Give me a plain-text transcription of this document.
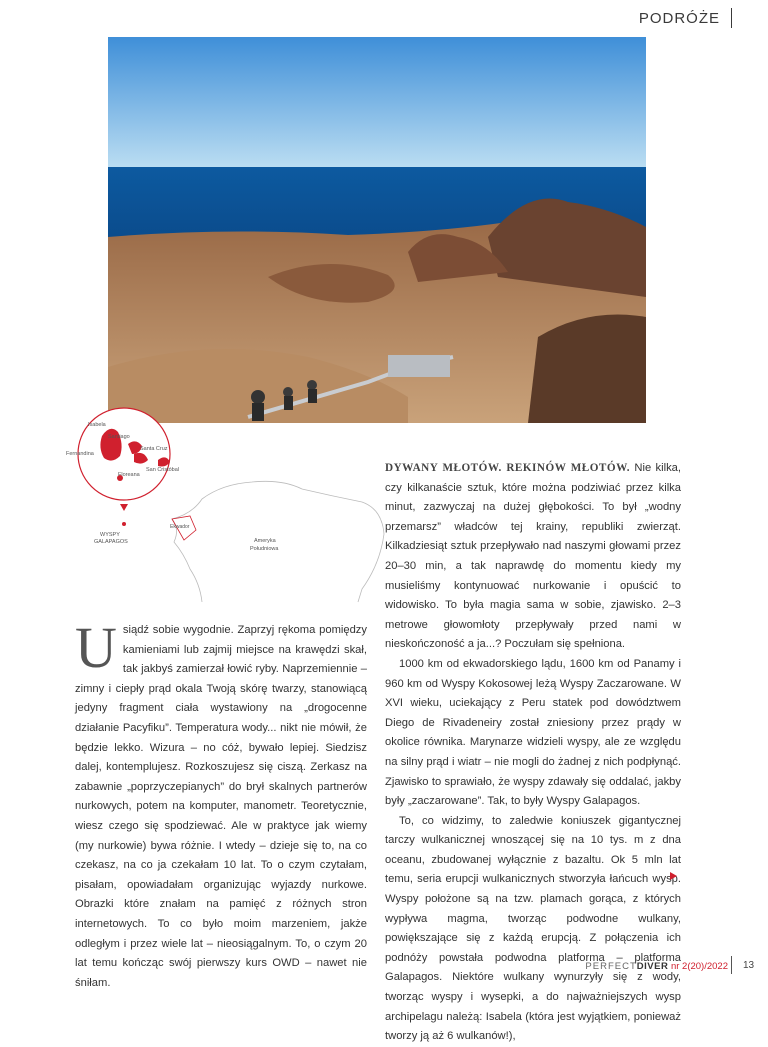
PODRÓŻE
Isabela
Santiago
Fernandina
Santa Cruz
San Cristóbal
Floreana
WYSPY
GALAPAGOS
Ekwador
Ameryka
Południowa
U siądź sobie wygodnie. Zaprzyj rękoma pomiędzy kamieniami lub zajmij miejsce na krawędzi skał, tak jakbyś zamierzał łowić ryby. Naprzemiennie – zimny i ciepły prąd okala Twoją skórę twarzy, stanowiącą jedyny fragment ciała wystawiony na „drogocenne działanie Pacyfiku”. Temperatura wody... nikt nie mówił, że będzie lekko. Wizura – no cóż, bywało lepiej. Siedzisz dalej, kontemplujesz. Rozkoszujesz się ciszą. Zerkasz na zabawnie „poprzyczepianych” do brył skalnych partnerów nurkowych, potem na komputer, manometr. Teoretycznie, wiesz czego się spodziewać. Ale w praktyce jak wiemy (my nurkowie) bywa różnie. I wtedy – dzieje się to, na co czekasz, na co ja czekałam 10 lat. To o czym czytałam, pisałam, opowiadałam organizując wyjazdy nurkowe. Obrazki które znałam na pamięć z różnych stron internetowych. To co było moim marzeniem, jakże odległym i przez wiele lat – nieosiągalnym. To, o czym 20 lat temu kończąc swój pierwszy kurs OWD – nawet nie śniłam.

DYWANY MŁOTÓW. REKINÓW MŁOTÓW. Nie kilka, czy kilkanaście sztuk, które można podziwiać przez kilka minut, zazwyczaj na dużej głębokości. To był „wodny przemarsz” władców tej krainy, republiki zwierząt. Kilkadziesiąt sztuk przepływało nad naszymi głowami przez 20–30 min, a tak naprawdę do momentu kiedy my musieliśmy kontynuować nurkowanie i opuścić to widowisko. To była magia sama w sobie, zjawisko. 2–3 metrowe głowomłoty przepływały przed nami w nieskończoność a ja...? Poczułam się spełniona.

1000 km od ekwadorskiego lądu, 1600 km od Panamy i 960 km od Wyspy Kokosowej leżą Wyspy Zaczarowane. W XVI wieku, uciekający z Peru statek pod dowództwem Diego de Rivadeneiry został zniesiony przez prądy w okolice równika. Marynarze widzieli wyspy, ale ze względu na silny prąd i wiatr – nie mogli do żadnej z nich podpłynąć. Zjawisko to sprawiało, że wyspy zdawały się oddalać, jakby były „zaczarowane”. Tak, to były Wyspy Galapagos.

To, co widzimy, to zaledwie koniuszek gigantycznej tarczy wulkanicznej wnoszącej się na 10 tys. m z dna oceanu, zbudowanej wyłącznie z bazaltu. Ok 5 mln lat temu, seria erupcji wulkanicznych stworzyła łańcuch wysp. Wyspy położone są na tzw. plamach gorąca, z których wypływa magma, tworząc podwodne wulkany, powiększające się z każdą erupcją. Z połączenia ich podnóży powstała podwodna platforma – platforma Galapagos. Niektóre wulkany wynurzyły się z wody, tworząc wyspy i wysepki, a do najważniejszych wysp archipelagu należą: Isabela (która jest wyjątkiem, ponieważ tworzy ją aż 6 wulkanów!),

PERFECTDIVER nr 2(20)/2022 13
